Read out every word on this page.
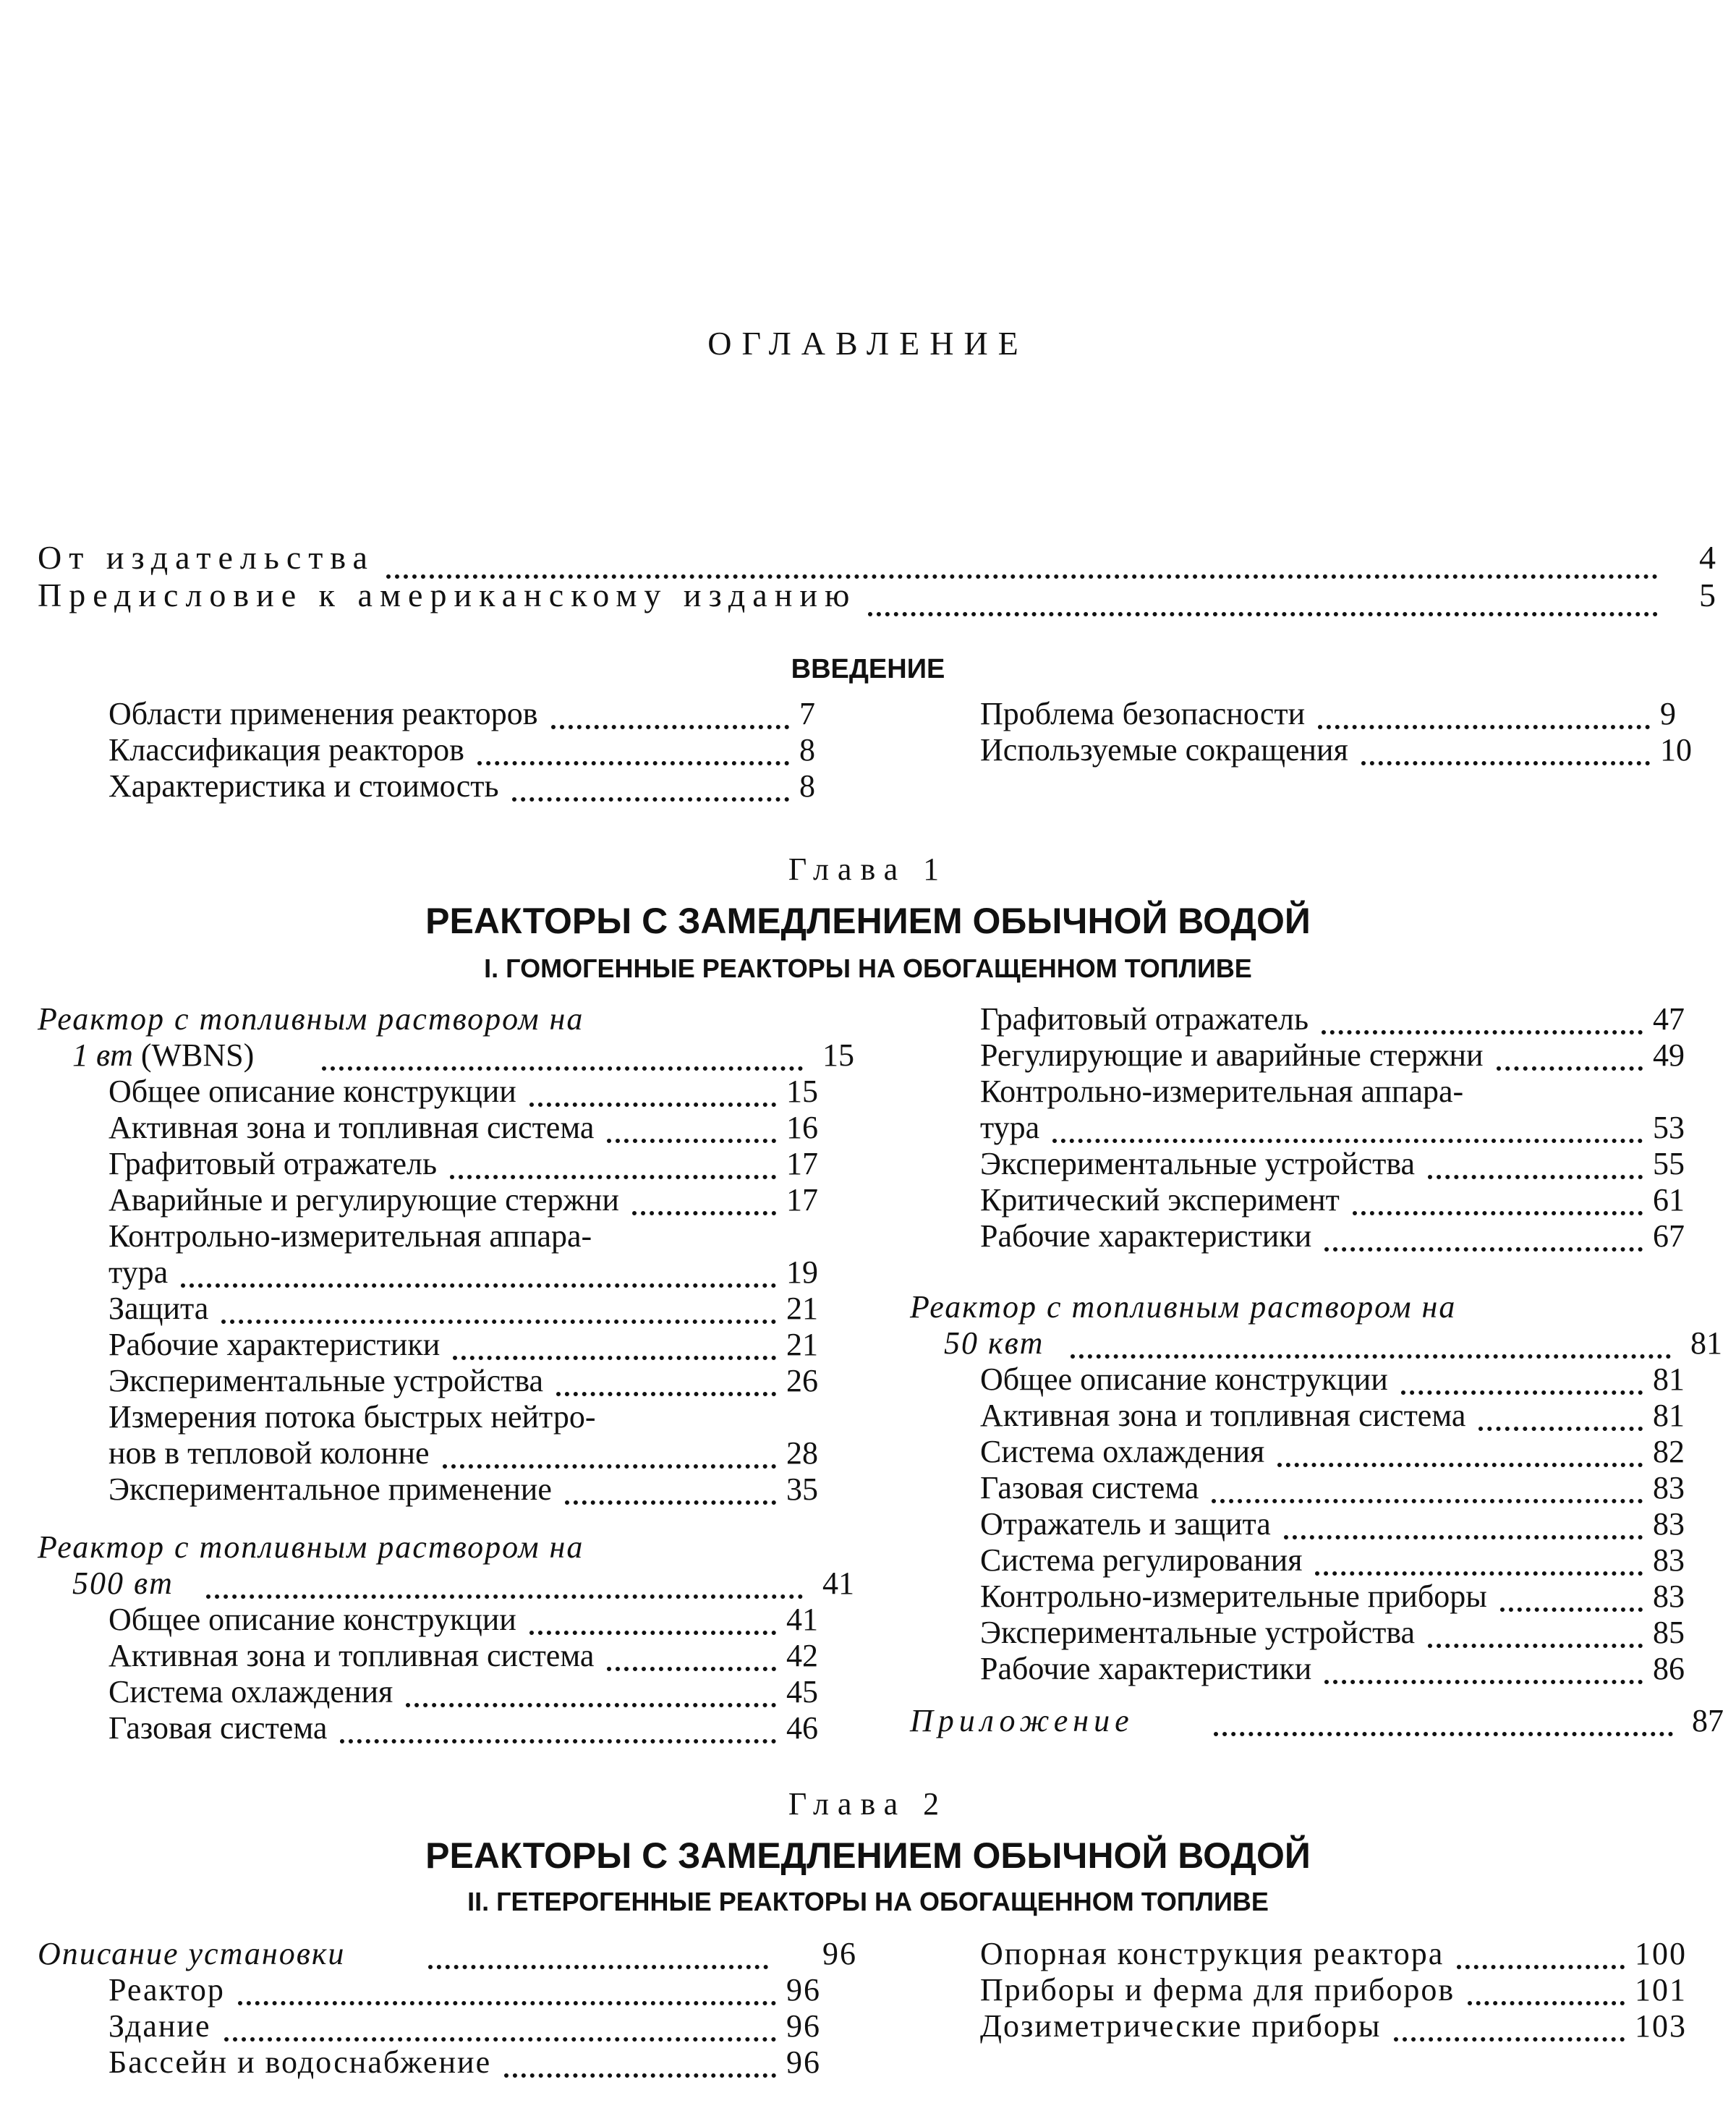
ОГЛАВЛЕНИЕ
От издательства	4
Предисловие к американскому изданию	5
ВВЕДЕНИЕ
Области применения реакторов	7
Классификация реакторов	8
Характеристика и стоимость	8
Проблема безопасности	9
Используемые сокращения	10
Глава 1
РЕАКТОРЫ С ЗАМЕДЛЕНИЕМ ОБЫЧНОЙ ВОДОЙ
I. ГОМОГЕННЫЕ РЕАКТОРЫ НА ОБОГАЩЕННОМ ТОПЛИВЕ
Реактор с топливным раствором на
1 вт (WBNS)	15
Общее описание конструкции	15
Активная зона и топливная система	16
Графитовый отражатель	17
Аварийные и регулирующие стержни	17
Контрольно-измерительная аппара-
тура	19
Защита	21
Рабочие характеристики	21
Экспериментальные устройства	26
Измерения потока быстрых нейтро-
нов в тепловой колонне	28
Экспериментальное применение	35
Реактор с топливным раствором на
500 вт	41
Общее описание конструкции	41
Активная зона и топливная система	42
Система охлаждения	45
Газовая система	46
Графитовый отражатель	47
Регулирующие и аварийные стержни	49
Контрольно-измерительная аппара-
тура	53
Экспериментальные устройства	55
Критический эксперимент	61
Рабочие характеристики	67
Реактор с топливным раствором на
50 квт	81
Общее описание конструкции	81
Активная зона и топливная система	81
Система охлаждения	82
Газовая система	83
Отражатель и защита	83
Система регулирования	83
Контрольно-измерительные приборы	83
Экспериментальные устройства	85
Рабочие характеристики	86
Приложение	87
Глава 2
РЕАКТОРЫ С ЗАМЕДЛЕНИЕМ ОБЫЧНОЙ ВОДОЙ
II. ГЕТЕРОГЕННЫЕ РЕАКТОРЫ НА ОБОГАЩЕННОМ ТОПЛИВЕ
Описание установки	96
Реактор	96
Здание	96
Бассейн и водоснабжение	96
Опорная конструкция реактора	100
Приборы и ферма для приборов	101
Дозиметрические приборы	103
